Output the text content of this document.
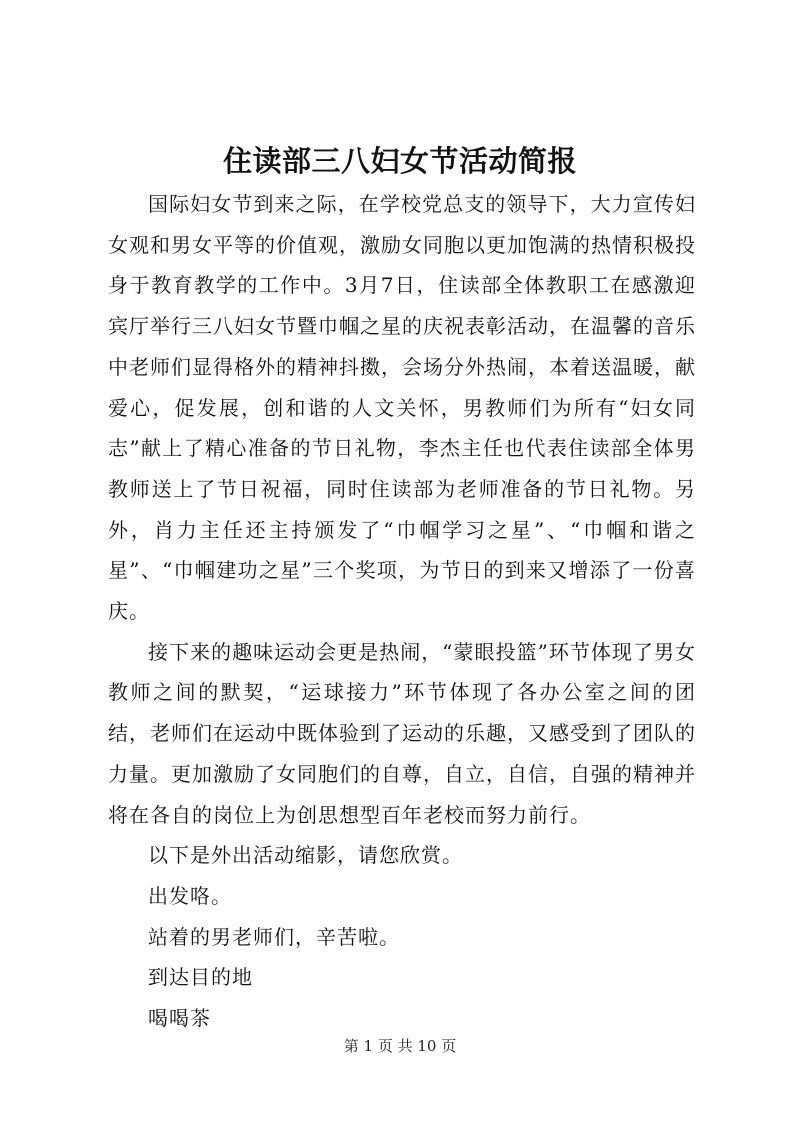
住读部三八妇女节活动简报

国际妇女节到来之际，在学校党总支的领导下，大力宣传妇女观和男女平等的价值观，激励女同胞以更加饱满的热情积极投身于教育教学的工作中。3月7日，住读部全体教职工在感激迎宾厅举行三八妇女节暨巾帼之星的庆祝表彰活动，在温馨的音乐中老师们显得格外的精神抖擞，会场分外热闹，本着送温暖，献爱心，促发展，创和谐的人文关怀，男教师们为所有“妇女同志”献上了精心准备的节日礼物，李杰主任也代表住读部全体男教师送上了节日祝福，同时住读部为老师准备的节日礼物。另外，肖力主任还主持颁发了“巾帼学习之星”、“巾帼和谐之星”、“巾帼建功之星”三个奖项，为节日的到来又增添了一份喜庆。

接下来的趣味运动会更是热闹，“蒙眼投篮”环节体现了男女教师之间的默契，“运球接力”环节体现了各办公室之间的团结，老师们在运动中既体验到了运动的乐趣，又感受到了团队的力量。更加激励了女同胞们的自尊，自立，自信，自强的精神并将在各自的岗位上为创思想型百年老校而努力前行。

以下是外出活动缩影，请您欣赏。

出发咯。

站着的男老师们，辛苦啦。

到达目的地

喝喝茶

第 1 页 共 10 页
